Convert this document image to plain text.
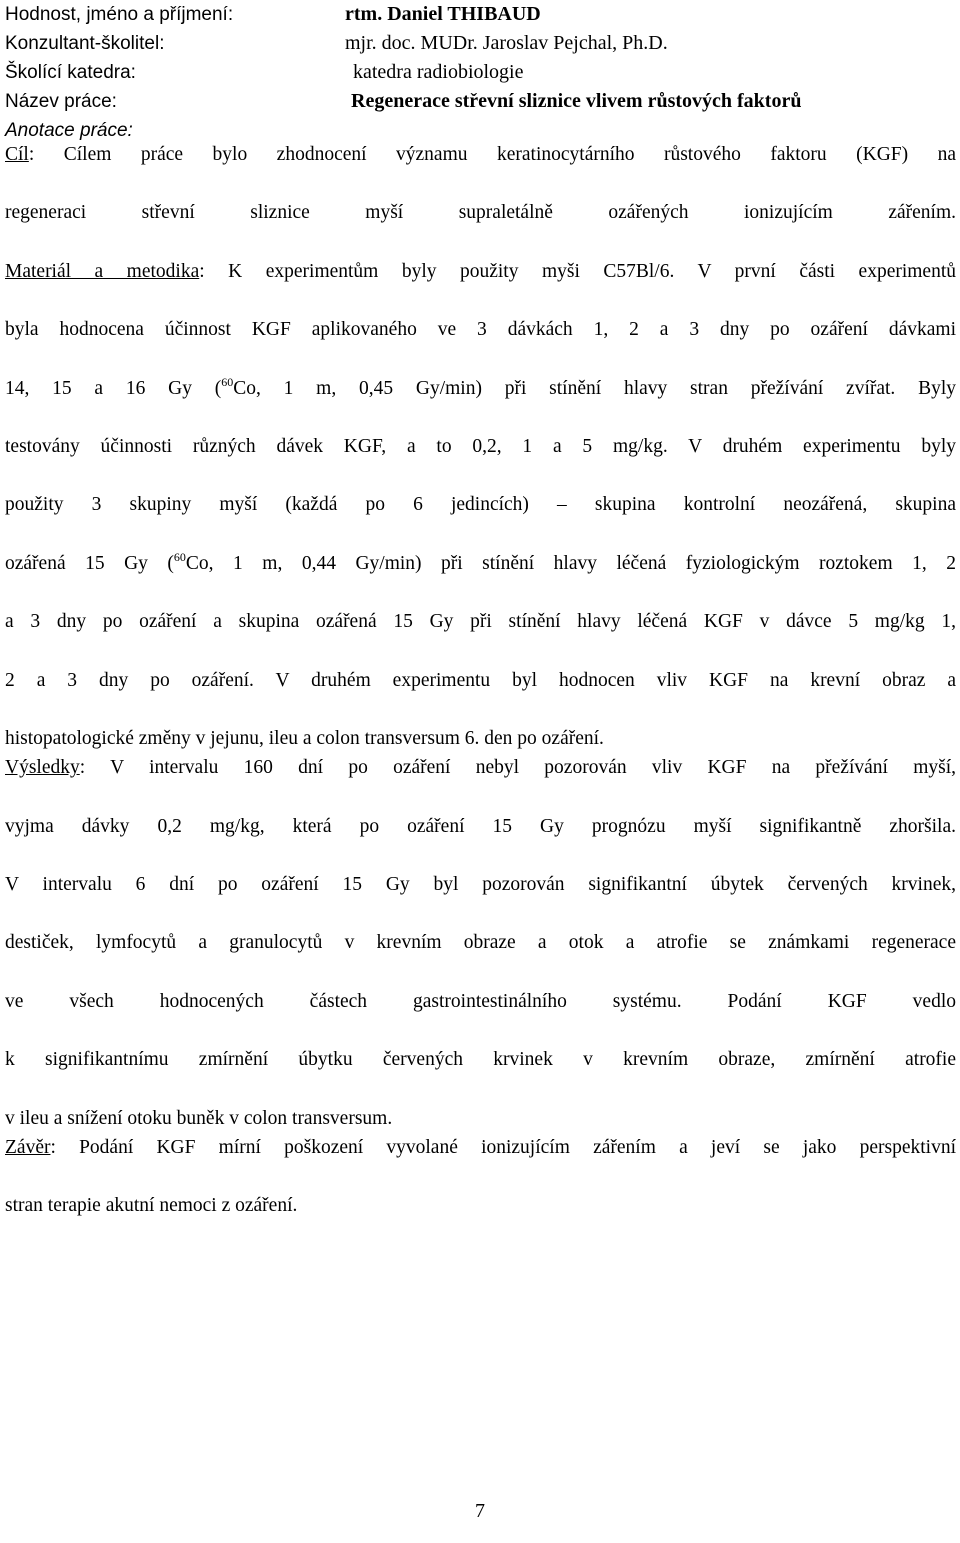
Hodnost, jméno a příjmení:	rtm. Daniel THIBAUD
Konzultant-školitel:	mjr. doc. MUDr. Jaroslav Pejchal, Ph.D.
Školící katedra:	katedra radiobiologie
Název práce:	Regenerace střevní sliznice vlivem růstových faktorů
Anotace práce:

Cíl: Cílem práce bylo zhodnocení významu keratinocytárního růstového faktoru (KGF) na

regeneraci střevní sliznice myší supraletálně ozářených ionizujícím zářením.

Materiál a metodika: K experimentům byly použity myši C57Bl/6. V první části experimentů

byla hodnocena účinnost KGF aplikovaného ve 3 dávkách 1, 2 a 3 dny po ozáření dávkami

14, 15 a 16 Gy ($^{60}$Co, 1 m, 0,45 Gy/min) při stínění hlavy stran přežívání zvířat. Byly

testovány účinnosti různých dávek KGF, a to 0,2, 1 a 5 mg/kg. V druhém experimentu byly

použity 3 skupiny myší (každá po 6 jedincích) – skupina kontrolní neozářená, skupina

ozářená 15 Gy ($^{60}$Co, 1 m, 0,44 Gy/min) při stínění hlavy léčená fyziologickým roztokem 1, 2

a 3 dny po ozáření a skupina ozářená 15 Gy při stínění hlavy léčená KGF v dávce 5 mg/kg 1,

2 a 3 dny po ozáření. V druhém experimentu byl hodnocen vliv KGF na krevní obraz a

histopatologické změny v jejunu, ileu a colon transversum 6. den po ozáření.

Výsledky: V intervalu 160 dní po ozáření nebyl pozorován vliv KGF na přežívání myší,

vyjma dávky 0,2 mg/kg, která po ozáření 15 Gy prognózu myší signifikantně zhoršila.

V intervalu 6 dní po ozáření 15 Gy byl pozorován signifikantní úbytek červených krvinek,

destiček, lymfocytů a granulocytů v krevním obraze a otok a atrofie se známkami regenerace

ve všech hodnocených částech gastrointestinálního systému. Podání KGF vedlo

k signifikantnímu zmírnění úbytku červených krvinek v krevním obraze, zmírnění atrofie

v ileu a snížení otoku buněk v colon transversum.

Závěr: Podání KGF mírní poškození vyvolané ionizujícím zářením a jeví se jako perspektivní

stran terapie akutní nemoci z ozáření.

7
